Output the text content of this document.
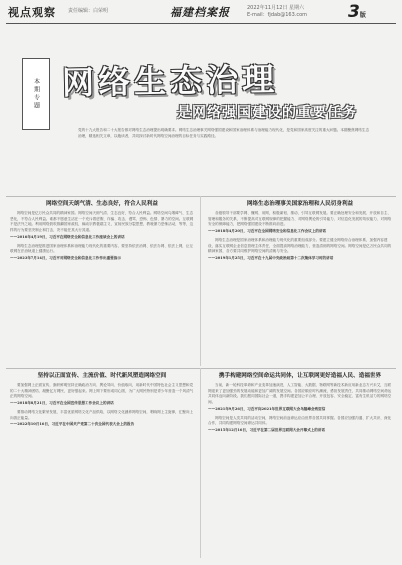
视点观察 责任编辑：白荣明	福建档案报	2022年11月12日 星期六
E-mail：fjdab@163.com	3版
本期专题 网络生态治理
是网络强国建设的重要任务
党的十九大报告和二十大报告都对网络生态治理提出明确要求。网络生态治理事关网络强国建设和国家治理体系与治理能力现代化，是党和国家高度关注的重大问题。本期聚焦网络生态治理，精选相关文章，以飨读者，共同探讨新时代网络空间治理的目标任务与实践路径。
网络空间天朗气清、生态良好，符合人民利益
网络空间是亿万民众共同的精神家园。网络空间天朗气清、生态良好，符合人民利益。网络空间乌烟瘴气、生态恶化，不符合人民利益。谁都不愿意生活在一个充斥着虚假、诈骗、攻击、谩骂、恐怖、色情、暴力的空间。互联网不是法外之地。利用网络鼓吹推翻国家政权，煽动宗教极端主义，宣扬民族分裂思想，教唆暴力恐怖活动，等等，这样的行为要坚决制止和打击，决不能任其大行其道。
——2016年4月19日，习近平在网络安全和信息化工作座谈会上的讲话
网络生态治理是推进国家治理体系和治理能力现代化的重要内容，要坚持依法治网、依法办网、依法上网，让互联网在法治轨道上健康运行。
——2023年7月14日，习近平对网络安全和信息化工作作出重要指示
网络生态治理事关国家治理和人民切身利益
各级领导干部要学网、懂网、用网，积极谋划、推动、引导互联网发展。要正确处理安全和发展、开放和自主、管理和服务的关系，不断提高对互联网规律的把握能力、对网络舆论的引导能力、对信息化发展的驾驭能力、对网络安全的保障能力，把网络强国建设不断推向前进。
——2018年4月20日，习近平在全国网络安全和信息化工作会议上的讲话
网络生态治理是国家治理体系和治理能力现代化的重要组成部分。要建立健全网络综合治理体系，加强内容建设，落实互联网企业信息管理主体责任，全面提高网络治理能力，营造清朗的网络空间。网络空间是亿万民众共同的精神家园，各方要共同维护网络空间的清朗与安全。
——2019年1月25日，习近平在十九届中央政治局第十二次集体学习时的讲话
坚持以正面宣传、主流价值、时代新风塑造网络空间
要加强网上正面宣传，旗帜鲜明坚持正确政治方向、舆论导向、价值取向，用新时代中国特色社会主义思想和党的二十大精神团结、凝聚亿万网民，更好强起来。网上网下要形成同心圆，为广大网民特别是青少年营造一个风清气正的网络空间。
——2018年8月21日，习近平在全国宣传思想工作会议上的讲话
要推动网络文化繁荣发展，丰富优质网络文化产品供给，以网络文化涵养网络空间，唱响网上主旋律，汇聚向上向善正能量。
——2022年10月16日，习近平在中国共产党第二十次全国代表大会上的报告
携手构建网络空间命运共同体，让互联网更好造福人民、造福世界
当前，新一轮科技革命和产业变革加速演进，人工智能、大数据、物联网等新技术新应用新业态方兴未艾，互联网迎来了更加强劲的发展动能和更加广阔的发展空间。各国应顺应时代潮流，勇担发展责任，共同推动网络空间命运共同体迈向新阶段。我们愿同国际社会一道，携手构建更加公平合理、开放包容、安全稳定、富有生机活力的网络空间。
——2021年9月26日，习近平向2021年世界互联网大会乌镇峰会致贺信
网络空间是人类共同的活动空间，网络空间前途命运应由世界各国共同掌握。各国应加强沟通、扩大共识、深化合作，共同构建网络空间命运共同体。
——2015年12月16日，习近平在第二届世界互联网大会开幕式上的讲话
